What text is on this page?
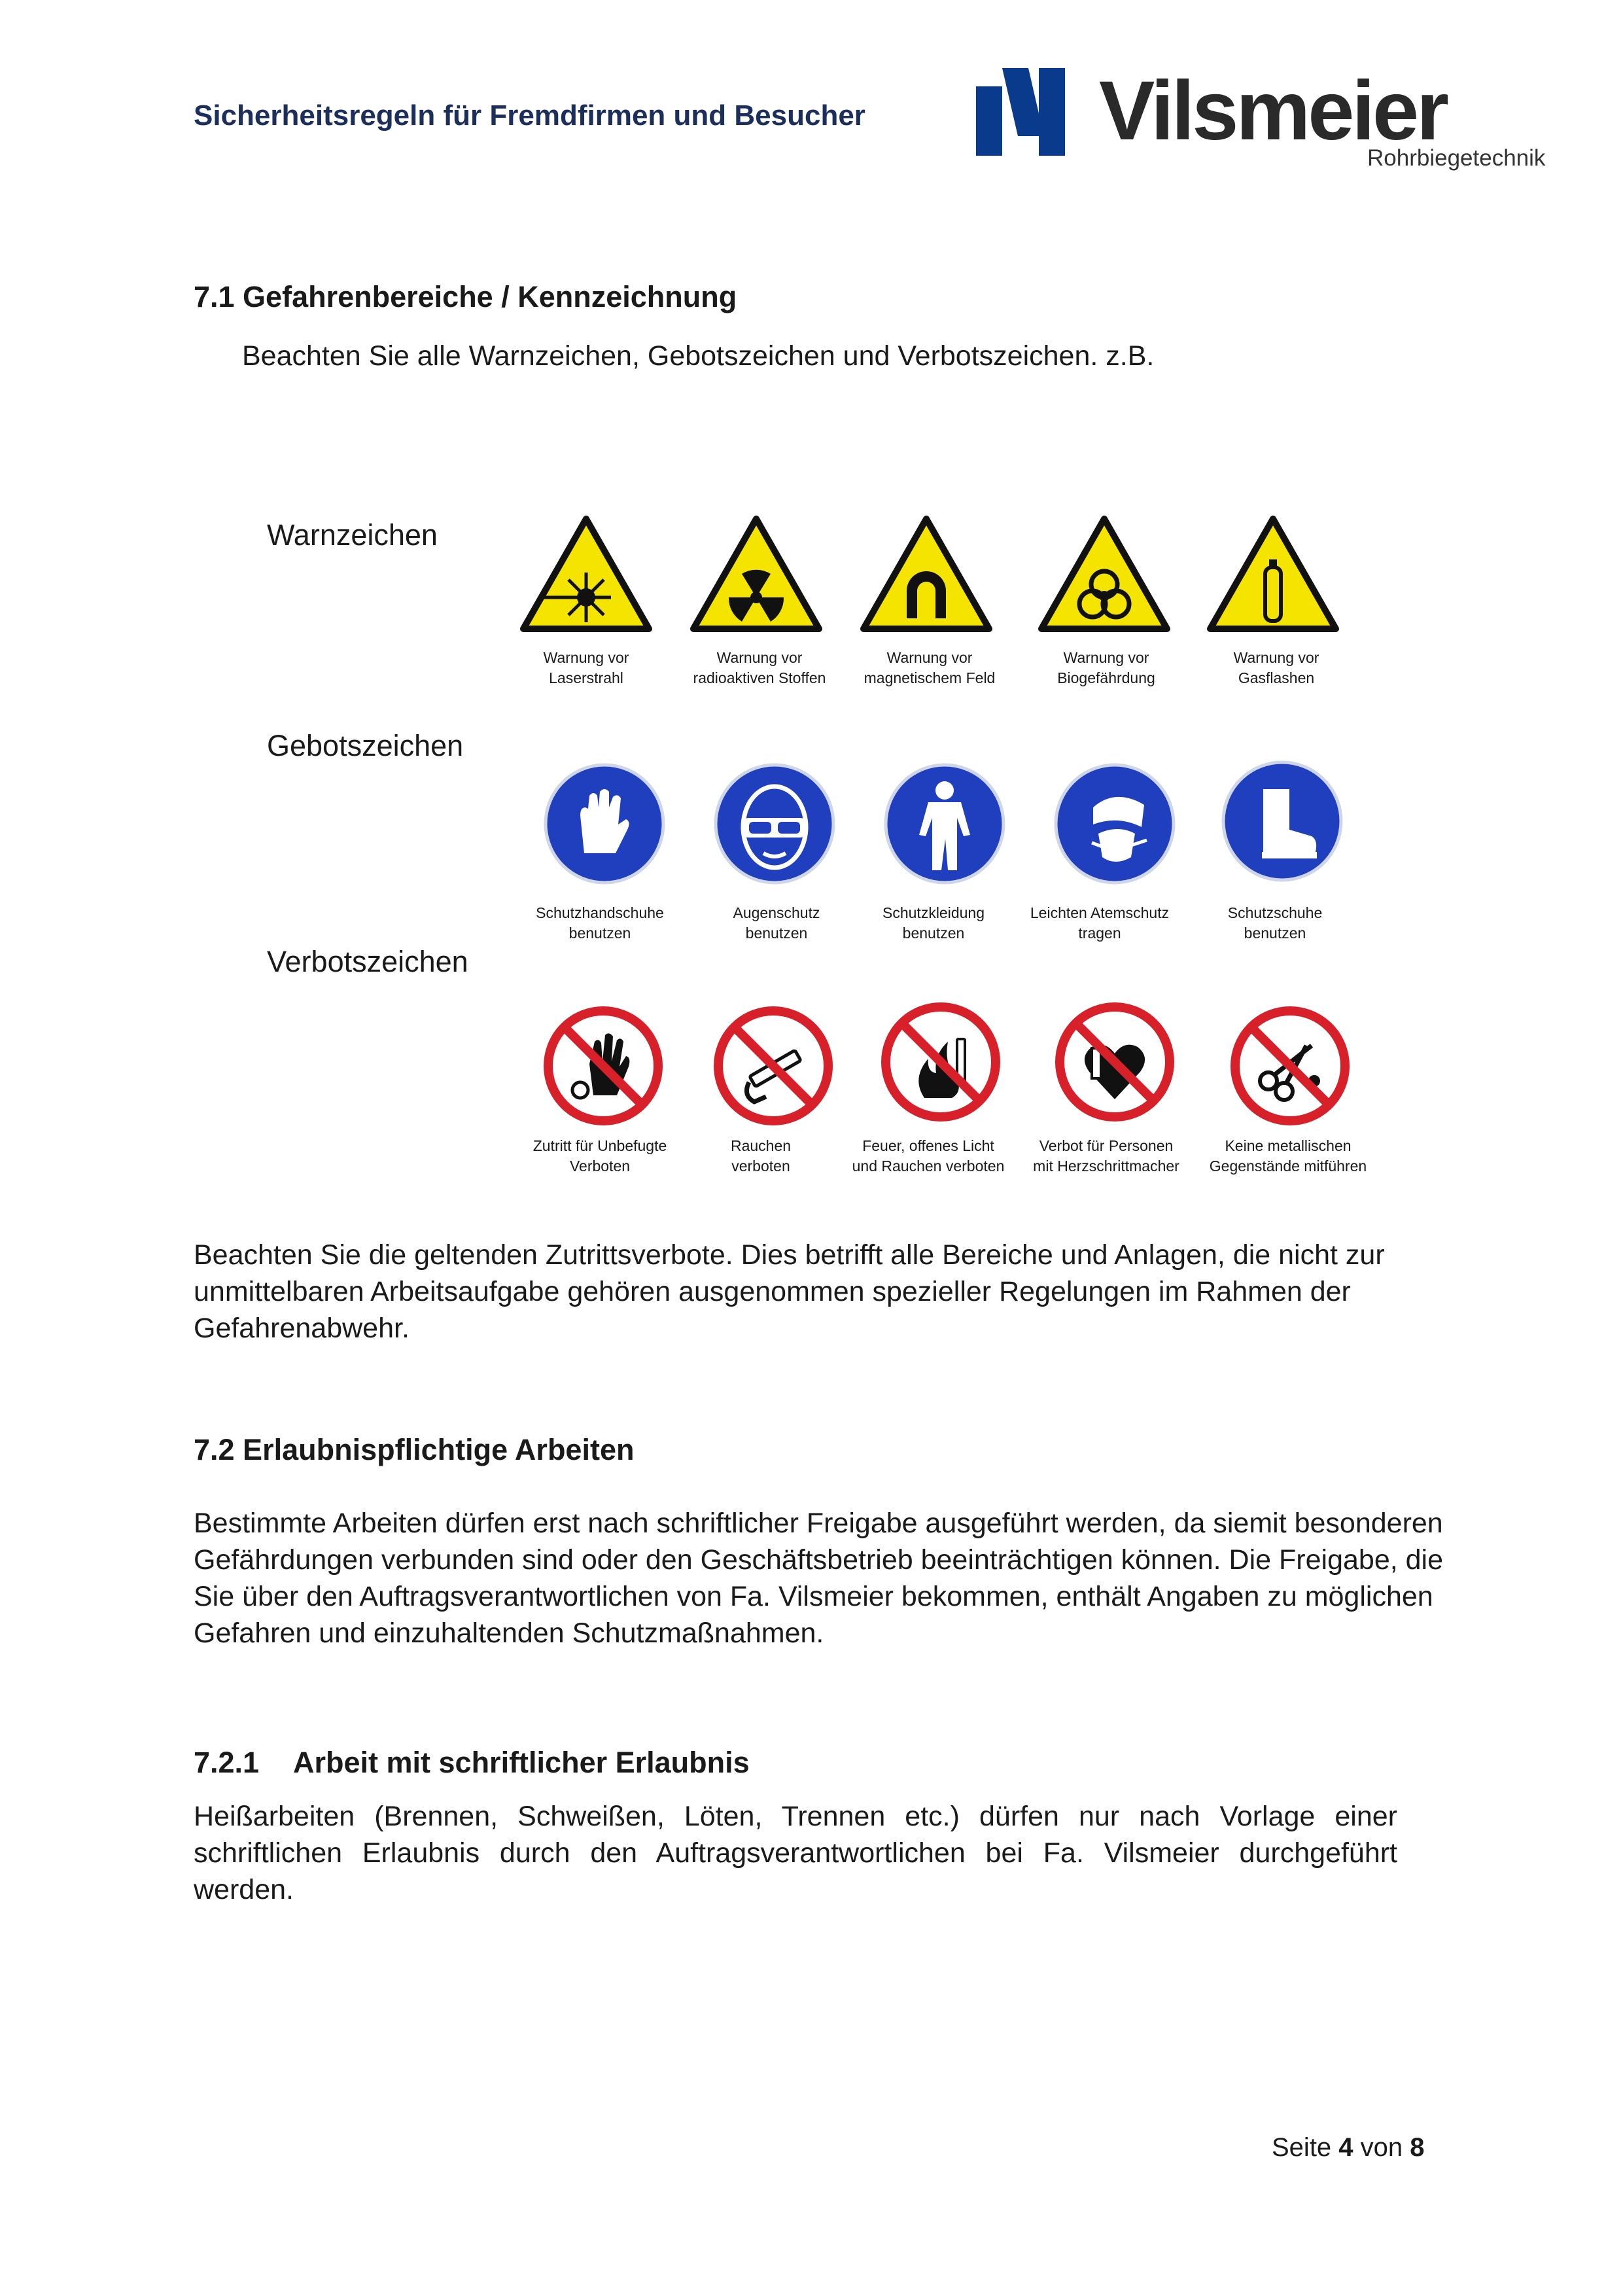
Sicherheitsregeln für Fremdfirmen und Besucher	Vilsmeier
Rohrbiegetechnik
7.1 Gefahrenbereiche / Kennzeichnung
Beachten Sie alle Warnzeichen, Gebotszeichen und Verbotszeichen. z.B.
Warnzeichen
Gebotszeichen
Verbotszeichen
Warnung vor
Laserstrahl
Warnung vor
radioaktiven Stoffen
Warnung vor
magnetischem Feld
Warnung vor
Biogefährdung
Warnung vor
Gasflashen
Schutzhandschuhe
benutzen
Augenschutz
benutzen
Schutzkleidung
benutzen
Leichten Atemschutz
tragen
Schutzschuhe
benutzen
Zutritt für Unbefugte
Verboten
Rauchen
verboten
Feuer, offenes Licht
und Rauchen verboten
Verbot für Personen
mit Herzschrittmacher
Keine metallischen
Gegenstände mitführen
Beachten Sie die geltenden Zutrittsverbote. Dies betrifft alle Bereiche und Anlagen, die nicht zur unmittelbaren Arbeitsaufgabe gehören ausgenommen spezieller Regelungen im Rahmen der Gefahrenabwehr.
7.2 Erlaubnispflichtige Arbeiten
Bestimmte Arbeiten dürfen erst nach schriftlicher Freigabe ausgeführt werden, da siemit besonderen Gefährdungen verbunden sind oder den Geschäftsbetrieb beeinträchtigen können. Die Freigabe, die Sie über den Auftragsverantwortlichen von Fa. Vilsmeier bekommen, enthält Angaben zu möglichen Gefahren und einzuhaltenden Schutzmaßnahmen.
7.2.1 Arbeit mit schriftlicher Erlaubnis
Heißarbeiten (Brennen, Schweißen, Löten, Trennen etc.) dürfen nur nach Vorlage einer schriftlichen Erlaubnis durch den Auftragsverantwortlichen bei Fa. Vilsmeier durchgeführt werden.
Seite 4 von 8
